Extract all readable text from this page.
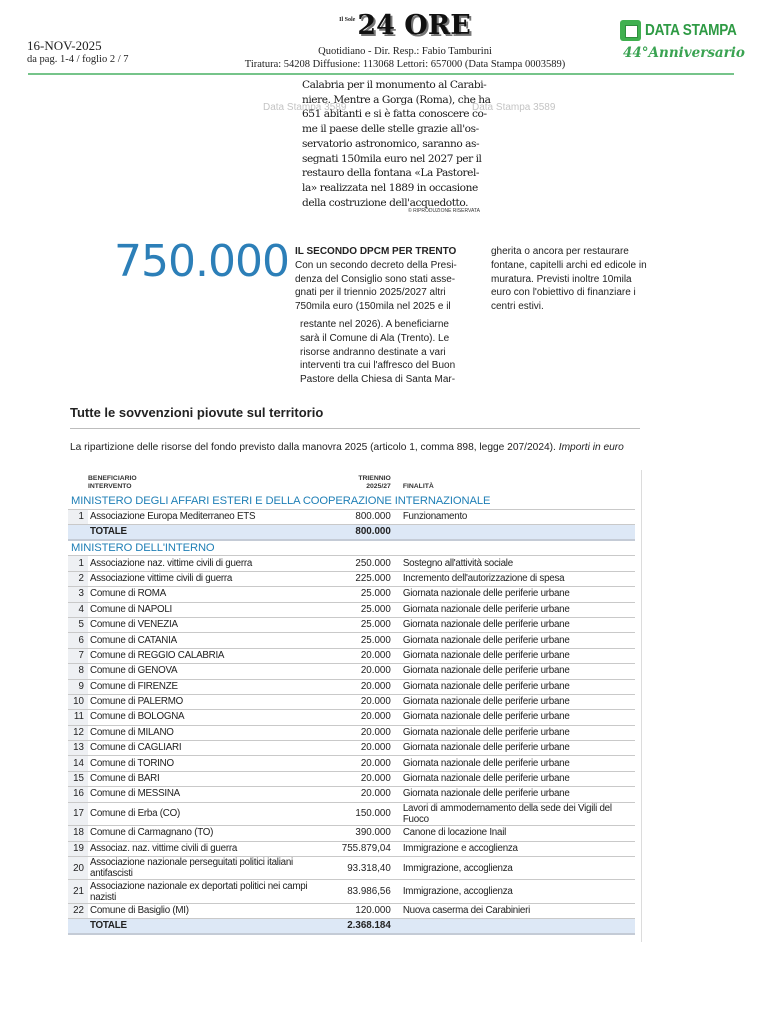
16-NOV-2025
da pag. 1-4 / foglio 2 / 7
Il Sole 24 ORE
Quotidiano - Dir. Resp.: Fabio Tamburini
Tiratura: 54208 Diffusione: 113068 Lettori: 657000 (Data Stampa 0003589)
DATA STAMPA
44°Anniversario
Data Stampa 3589	Data Stampa 3589
Calabria per il monumento al Carabi-
niere. Mentre a Gorga (Roma), che ha
651 abitanti e si è fatta conoscere co-
me il paese delle stelle grazie all'os-
servatorio astronomico, saranno as-
segnati 150mila euro nel 2027 per il
restauro della fontana «La Pastorel-
la» realizzata nel 1889 in occasione
della costruzione dell'acquedotto.
© RIPRODUZIONE RISERVATA
750.000 IL SECONDO DPCM PER TRENTO
Con un secondo decreto della Presi-
denza del Consiglio sono stati asse-
gnati per il triennio 2025/2027 altri
750mila euro (150mila nel 2025 e il
restante nel 2026). A beneficiarne
sarà il Comune di Ala (Trento). Le
risorse andranno destinate a vari
interventi tra cui l'affresco del Buon
Pastore della Chiesa di Santa Mar-
gherita o ancora per restaurare
fontane, capitelli archi ed edicole in
muratura. Previsti inoltre 10mila
euro con l'obiettivo di finanziare i
centri estivi.
Tutte le sovvenzioni piovute sul territorio
La ripartizione delle risorse del fondo previsto dalla manovra 2025 (articolo 1, comma 898, legge 207/2024). Importi in euro

BENEFICIARIO
INTERVENTO

TRIENNIO
2025/27	FINALITÀ
MINISTERO DEGLI AFFARI ESTERI E DELLA COOPERAZIONE INTERNAZIONALE			
1	Associazione Europa Mediterraneo ETS	800.000	Funzionamento
	TOTALE	800.000	
MINISTERO DELL'INTERNO			
1	Associazione naz. vittime civili di guerra	250.000	Sostegno all'attività sociale
2	Associazione vittime civili di guerra	225.000	Incremento dell'autorizzazione di spesa
3	Comune di ROMA	25.000	Giornata nazionale delle periferie urbane
4	Comune di NAPOLI	25.000	Giornata nazionale delle periferie urbane
5	Comune di VENEZIA	25.000	Giornata nazionale delle periferie urbane
6	Comune di CATANIA	25.000	Giornata nazionale delle periferie urbane
7	Comune di REGGIO CALABRIA	20.000	Giornata nazionale delle periferie urbane
8	Comune di GENOVA	20.000	Giornata nazionale delle periferie urbane
9	Comune di FIRENZE	20.000	Giornata nazionale delle periferie urbane
10	Comune di PALERMO	20.000	Giornata nazionale delle periferie urbane
11	Comune di BOLOGNA	20.000	Giornata nazionale delle periferie urbane
12	Comune di MILANO	20.000	Giornata nazionale delle periferie urbane
13	Comune di CAGLIARI	20.000	Giornata nazionale delle periferie urbane
14	Comune di TORINO	20.000	Giornata nazionale delle periferie urbane
15	Comune di BARI	20.000	Giornata nazionale delle periferie urbane
16	Comune di MESSINA	20.000	Giornata nazionale delle periferie urbane
17	Comune di Erba (CO)	150.000	Lavori di ammodernamento della sede dei Vigili del Fuoco
18	Comune di Carmagnano (TO)	390.000	Canone di locazione Inail
19	Associaz. naz. vittime civili di guerra	755.879,04	Immigrazione e accoglienza
20	Associazione nazionale perseguitati politici italiani antifascisti	93.318,40	Immigrazione, accoglienza
21	Associazione nazionale ex deportati politici nei campi nazisti	83.986,56	Immigrazione, accoglienza
22	Comune di Basiglio (MI)	120.000	Nuova caserma dei Carabinieri
	TOTALE	2.368.184	
